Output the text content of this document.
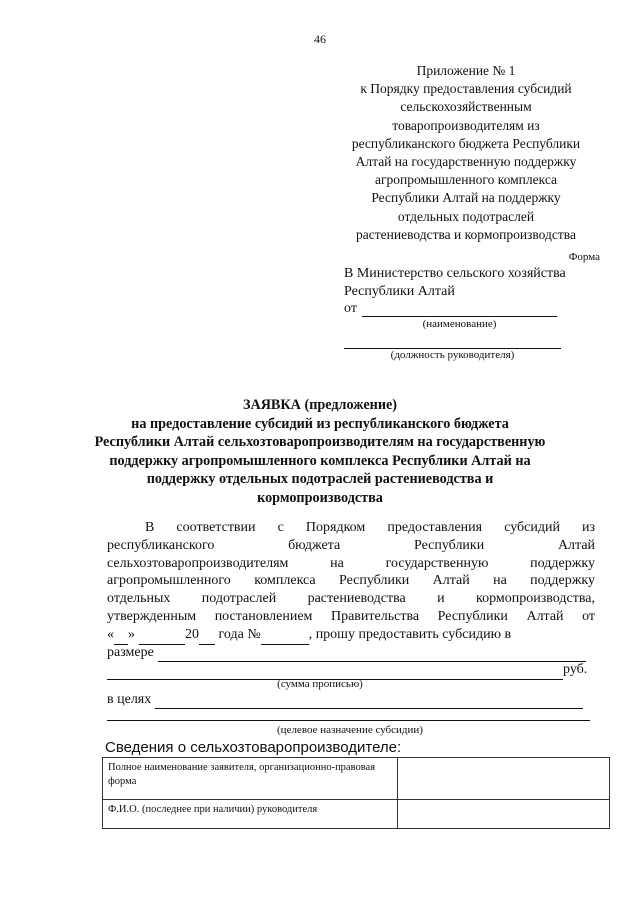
46
Приложение № 1
к Порядку предоставления субсидий
сельскохозяйственным
товаропроизводителям из
республиканского бюджета Республики
Алтай на государственную поддержку
агропромышленного комплекса
Республики Алтай на поддержку
отдельных подотраслей
растениеводства и кормопроизводства
Форма
В Министерство сельского хозяйства
Республики Алтай
от
(наименование)
(должность руководителя)
ЗАЯВКА (предложение)
на предоставление субсидий из республиканского бюджета
Республики Алтай сельхозтоваропроизводителям на государственную
поддержку агропромышленного комплекса Республики Алтай на
поддержку отдельных подотраслей растениеводства и
кормопроизводства
В соответствии с Порядком предоставления субсидий из
республиканского	бюджета	Республики	Алтай
сельхозтоваропроизводителям	на	государственную	поддержку
агропромышленного комплекса Республики Алтай на поддержку
отдельных подотраслей растениеводства и кормопроизводства,
утвержденным постановлением Правительства Республики Алтай от
« »	20 года №	, прошу предоставить субсидию в
размере
руб.
(сумма прописью)
в целях
(целевое назначение субсидии)
Сведения о сельхозтоваропроизводителе:
Полное наименование заявителя, организационно-правовая форма	
Ф.И.О. (последнее при наличии) руководителя	
